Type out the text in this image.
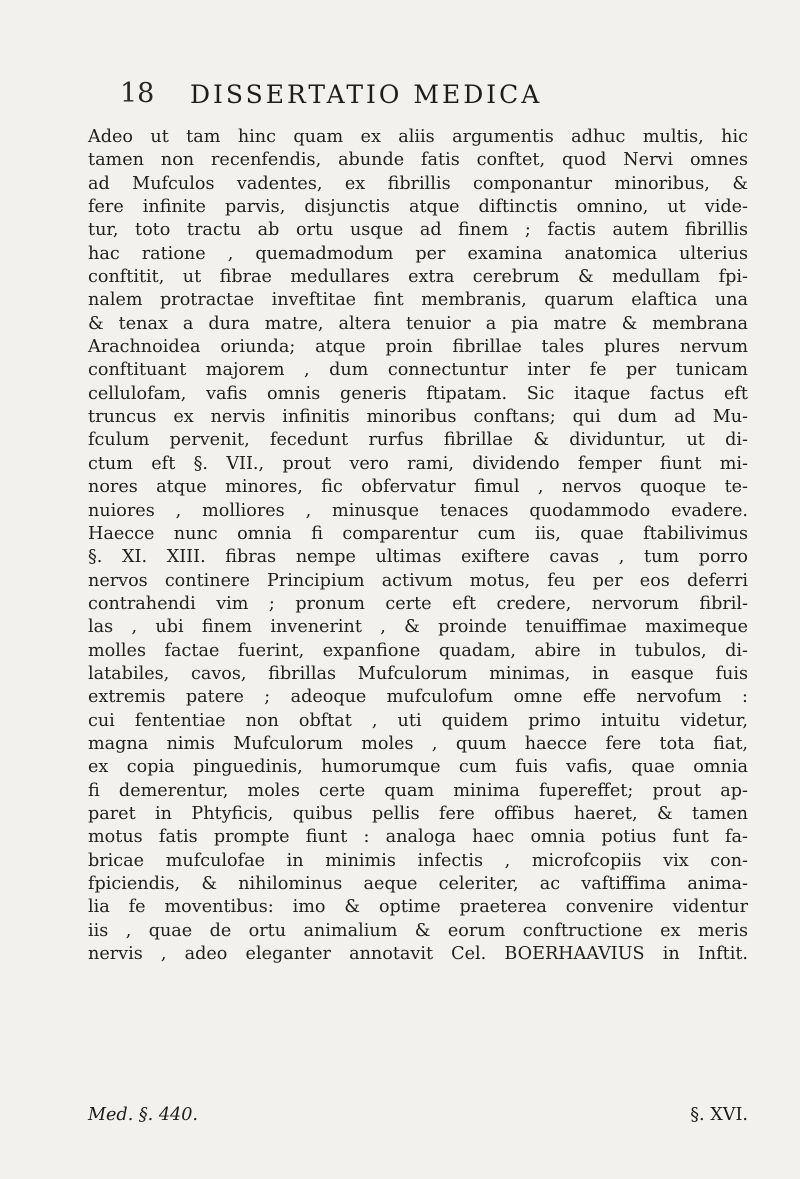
18 DISSERTATIO MEDICA
Adeo ut tam hinc quam ex aliis argumentis adhuc multis, hic
tamen non recenfendis, abunde fatis conftet, quod Nervi omnes
ad Mufculos vadentes, ex fibrillis componantur minoribus, &
fere infinite parvis, disjunctis atque diftinctis omnino, ut vide-
tur, toto tractu ab ortu usque ad finem ; factis autem fibrillis
hac ratione , quemadmodum per examina anatomica ulterius
conftitit, ut fibrae medullares extra cerebrum & medullam fpi-
nalem protractae inveftitae fint membranis, quarum elaftica una
& tenax a dura matre, altera tenuior a pia matre & membrana
Arachnoidea oriunda; atque proin fibrillae tales plures nervum
conftituant majorem , dum connectuntur inter fe per tunicam
cellulofam, vafis omnis generis ftipatam. Sic itaque factus eft
truncus ex nervis infinitis minoribus conftans; qui dum ad Mu-
fculum pervenit, fecedunt rurfus fibrillae & dividuntur, ut di-
ctum eft §. VII., prout vero rami, dividendo femper fiunt mi-
nores atque minores, fic obfervatur fimul , nervos quoque te-
nuiores , molliores , minusque tenaces quodammodo evadere.
Haecce nunc omnia fi comparentur cum iis, quae ftabilivimus
§. XI. XIII. fibras nempe ultimas exiftere cavas , tum porro
nervos continere Principium activum motus, feu per eos deferri
contrahendi vim ; pronum certe eft credere, nervorum fibril-
las , ubi finem invenerint , & proinde tenuiffimae maximeque
molles factae fuerint, expanfione quadam, abire in tubulos, di-
latabiles, cavos, fibrillas Mufculorum minimas, in easque fuis
extremis patere ; adeoque mufculofum omne effe nervofum :
cui fententiae non obftat , uti quidem primo intuitu videtur,
magna nimis Mufculorum moles , quum haecce fere tota fiat,
ex copia pinguedinis, humorumque cum fuis vafis, quae omnia
fi demerentur, moles certe quam minima fupereffet; prout ap-
paret in Phtyficis, quibus pellis fere offibus haeret, & tamen
motus fatis prompte fiunt : analoga haec omnia potius funt fa-
bricae mufculofae in minimis infectis , microfcopiis vix con-
fpiciendis, & nihilominus aeque celeriter, ac vaftiffima anima-
lia fe moventibus: imo & optime praeterea convenire videntur
iis , quae de ortu animalium & eorum conftructione ex meris
nervis , adeo eleganter annotavit Cel. BOERHAAVIUS in Inftit.
Med. §. 440.	§. XVI.
